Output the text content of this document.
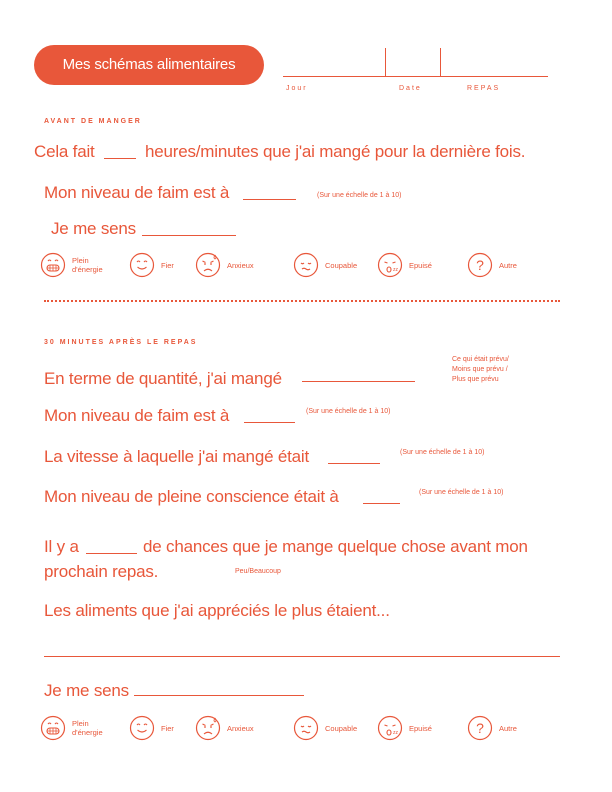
Mes schémas alimentaires
Jour	Date	REPAS
AVANT DE MANGER
Cela fait	heures/minutes que j'ai mangé pour la dernière fois.
Mon niveau de faim est à	(Sur une échelle de 1 à 10)
Je me sens
Plein
d'énergie	Fier	Anxieux	Coupable	Epuisé	Autre
30 MINUTES APRÈS LE REPAS
En terme de quantité, j'ai mangé
Ce qui était prévu/
Moins que prévu /
Plus que prévu
Mon niveau de faim est à	(Sur une échelle de 1 à 10)
La vitesse à laquelle j'ai mangé était	(Sur une échelle de 1 à 10)
Mon niveau de pleine conscience était à	(Sur une échelle de 1 à 10)
Il y a	de chances que je mange quelque chose avant mon
prochain repas.	Peu/Beaucoup
Les aliments que j'ai appréciés le plus étaient...
Je me sens
Plein
d'énergie	Fier	Anxieux	Coupable	Epuisé	Autre
